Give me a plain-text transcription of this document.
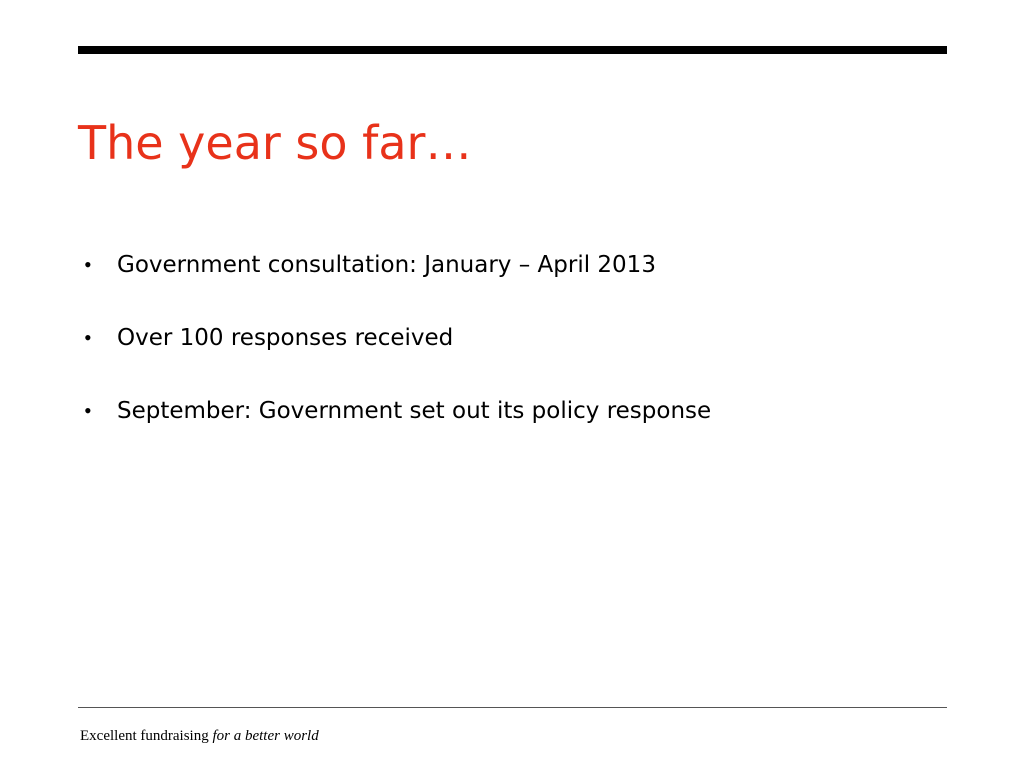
The year so far…
•	Government consultation: January – April 2013
•	Over 100 responses received
•	September: Government set out its policy response
Excellent fundraising for a better world
